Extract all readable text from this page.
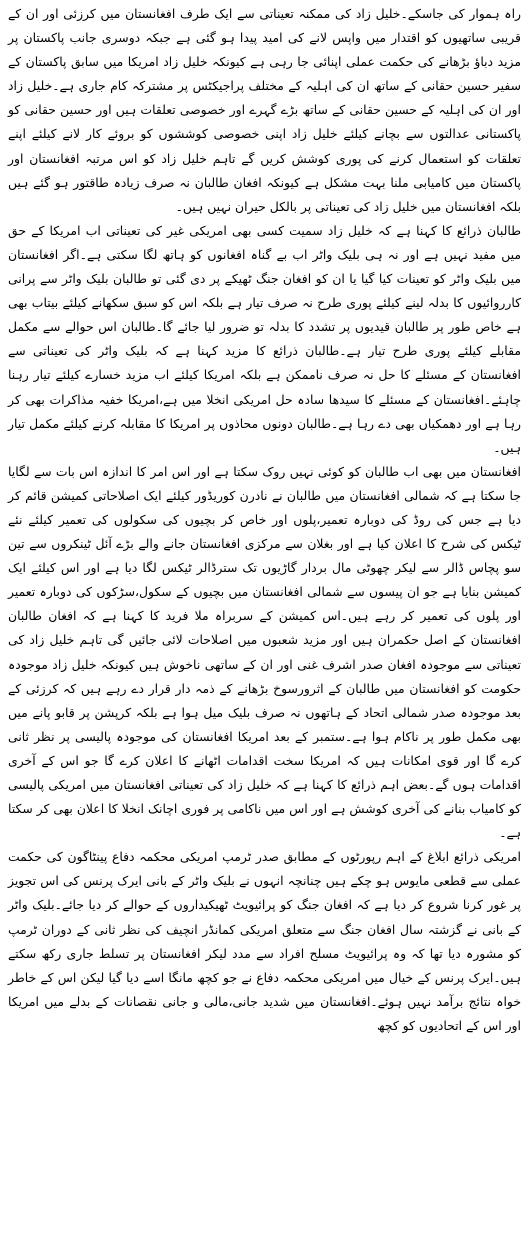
راہ ہموار کی جاسکے۔خلیل زاد کی ممکنہ تعیناتی سے ایک طرف افغانستان میں کرزئی اور ان کے قریبی ساتھیوں کو اقتدار میں واپس لانے کی امید پیدا ہو گئی ہے جبکہ دوسری جانب پاکستان پر مزید دباؤ بڑھانے کی حکمت عملی اپنائی جا رہی ہے کیونکہ خلیل زاد امریکا میں سابق پاکستان کے سفیر حسین حقانی کے ساتھ ان کی اہلیہ کے مختلف پراجیکٹس پر مشترکہ کام جاری ہے۔خلیل زاد اور ان کی اہلیہ کے حسین حقانی کے ساتھ بڑے گہرے اور خصوصی تعلقات ہیں اور حسین حقانی کو پاکستانی عدالتوں سے بچانے کیلئے خلیل زاد اپنی خصوصی کوششوں کو بروئے کار لانے کیلئے اپنے تعلقات کو استعمال کرنے کی پوری کوشش کریں گے تاہم خلیل زاد کو اس مرتبہ افغانستان اور پاکستان میں کامیابی ملنا بہت مشکل ہے کیونکہ افغان طالبان نہ صرف زیادہ طاقتور ہو گئے ہیں بلکہ افغانستان میں خلیل زاد کی تعیناتی پر بالکل حیران نہیں ہیں۔

طالبان ذرائع کا کہنا ہے کہ خلیل زاد سمیت کسی بھی امریکی غیر کی تعیناتی اب امریکا کے حق میں مفید نہیں ہے اور نہ ہی بلیک واٹر اب بے گناہ افغانوں کو ہاتھ لگا سکتی ہے۔اگر افغانستان میں بلیک واٹر کو تعینات کیا گیا یا ان کو افغان جنگ ٹھیکے پر دی گئی تو طالبان بلیک واٹر سے پرانی کارروائیوں کا بدلہ لینے کیلئے پوری طرح نہ صرف تیار ہے بلکہ اس کو سبق سکھانے کیلئے بیتاب بھی ہے خاص طور پر طالبان قیدیوں پر تشدد کا بدلہ تو ضرور لیا جائے گا۔طالبان اس حوالے سے مکمل مقابلے کیلئے پوری طرح تیار ہے۔طالبان ذرائع کا مزید کہنا ہے کہ بلیک واٹر کی تعیناتی سے افغانستان کے مسئلے کا حل نہ صرف ناممکن ہے بلکہ امریکا کیلئے اب مزید خسارے کیلئے تیار رہنا چاہئے۔افغانستان کے مسئلے کا سیدھا سادہ حل امریکی انخلا میں ہے،امریکا خفیہ مذاکرات بھی کر رہا ہے اور دھمکیاں بھی دے رہا ہے۔طالبان دونوں محاذوں پر امریکا کا مقابلہ کرنے کیلئے مکمل تیار ہیں۔

افغانستان میں بھی اب طالبان کو کوئی نہیں روک سکتا ہے اور اس امر کا اندازہ اس بات سے لگایا جا سکتا ہے کہ شمالی افغانستان میں طالبان نے نادرن کوریڈور کیلئے ایک اصلاحاتی کمیشن قائم کر دیا ہے جس کی روڈ کی دوبارہ تعمیر،پلوں اور خاص کر بچیوں کی سکولوں کی تعمیر کیلئے نئے ٹیکس کی شرح کا اعلان کیا ہے اور بغلان سے مرکزی افغانستان جانے والے بڑے آئل ٹینکروں سے تین سو پچاس ڈالر سے لیکر چھوٹی مال بردار گاڑیوں تک سترڈالر ٹیکس لگا دیا ہے اور اس کیلئے ایک کمیشن بنایا ہے جو ان پیسوں سے شمالی افغانستان میں بچیوں کے سکول،سڑکوں کی دوبارہ تعمیر اور پلوں کی تعمیر کر رہے ہیں۔اس کمیشن کے سربراہ ملا فرید کا کہنا ہے کہ افغان طالبان افغانستان کے اصل حکمران ہیں اور مزید شعبوں میں اصلاحات لائی جائیں گی تاہم خلیل زاد کی تعیناتی سے موجودہ افغان صدر اشرف غنی اور ان کے ساتھی ناخوش ہیں کیونکہ خلیل زاد موجودہ حکومت کو افغانستان میں طالبان کے اثرورسوخ بڑھانے کے ذمہ دار قرار دے رہے ہیں کہ کرزئی کے بعد موجودہ صدر شمالی اتحاد کے ہاتھوں نہ صرف بلیک میل ہوا ہے بلکہ کرپشن پر قابو پانے میں بھی مکمل طور پر ناکام ہوا ہے۔ستمبر کے بعد امریکا افغانستان کی موجودہ پالیسی پر نظر ثانی کرے گا اور قوی امکانات ہیں کہ امریکا سخت اقدامات اٹھانے کا اعلان کرے گا جو اس کے آخری اقدامات ہوں گے۔بعض اہم ذرائع کا کہنا ہے کہ خلیل زاد کی تعیناتی افغانستان میں امریکی پالیسی کو کامیاب بنانے کی آخری کوشش ہے اور اس میں ناکامی پر فوری اچانک انخلا کا اعلان بھی کر سکتا ہے۔

امریکی ذرائع ابلاغ کے اہم رپورٹوں کے مطابق صدر ٹرمپ امریکی محکمہ دفاع پینٹاگون کی حکمت عملی سے قطعی مایوس ہو چکے ہیں چنانچہ انہوں نے بلیک واٹر کے بانی ایرک پرنس کی اس تجویز پر غور کرنا شروع کر دیا ہے کہ افغان جنگ کو پرائیویٹ ٹھیکیداروں کے حوالے کر دیا جائے۔بلیک واٹر کے بانی نے گزشتہ سال افغان جنگ سے متعلق امریکی کمانڈر انچیف کی نظر ثانی کے دوران ٹرمپ کو مشورہ دیا تھا کہ وہ پرائیویٹ مسلح افراد سے مدد لیکر افغانستان پر تسلط جاری رکھ سکتے ہیں۔ایرک پرنس کے خیال میں امریکی محکمہ دفاع نے جو کچھ مانگا اسے دیا گیا لیکن اس کے خاطر خواہ نتائج برآمد نہیں ہوئے۔افغانستان میں شدید جانی،مالی و جانی نقصانات کے بدلے میں امریکا اور اس کے اتحادیوں کو کچھ
